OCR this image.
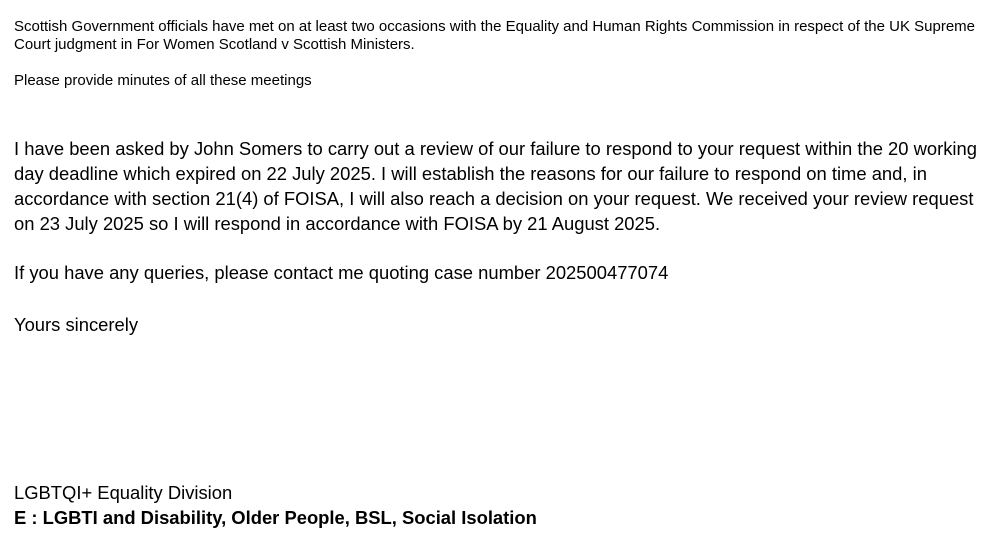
Scottish Government officials have met on at least two occasions with the Equality and Human Rights Commission in respect of the UK Supreme Court judgment in For Women Scotland v Scottish Ministers.

Please provide minutes of all these meetings

I have been asked by John Somers to carry out a review of our failure to respond to your request within the 20 working day deadline which expired on 22 July 2025. I will establish the reasons for our failure to respond on time and, in accordance with section 21(4) of FOISA, I will also reach a decision on your request. We received your review request on 23 July 2025 so I will respond in accordance with FOISA by 21 August 2025.

If you have any queries, please contact me quoting case number 202500477074

Yours sincerely

LGBTQI+ Equality Division

E : LGBTI and Disability, Older People, BSL, Social Isolation
